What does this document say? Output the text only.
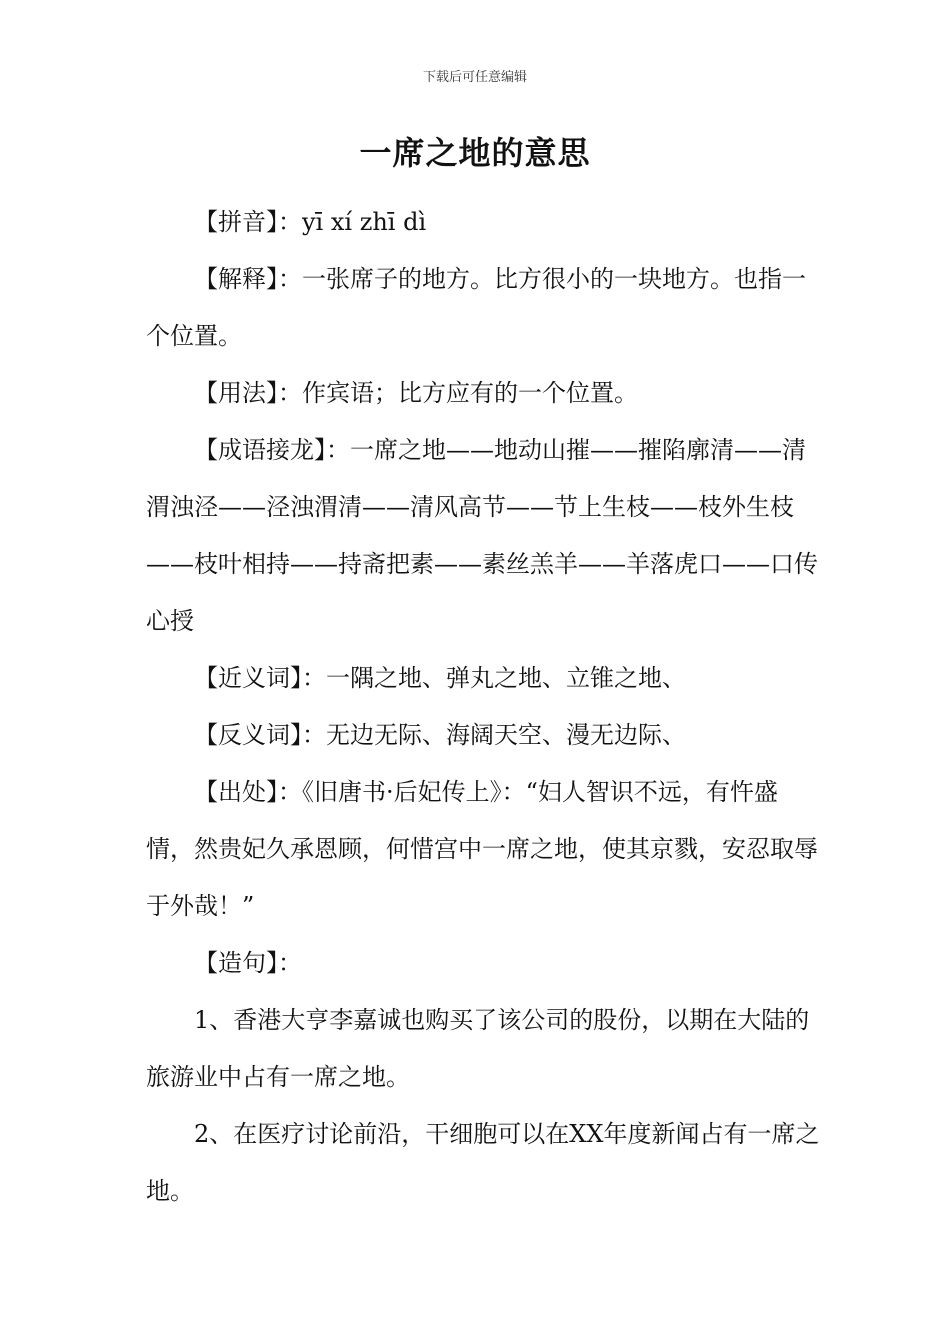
下载后可任意编辑
一席之地的意思

【拼音】：yī xí zhī dì

【解释】：一张席子的地方。比方很小的一块地方。也指一个位置。

【用法】：作宾语；比方应有的一个位置。

【成语接龙】：一席之地——地动山摧——摧陷廓清——清渭浊泾——泾浊渭清——清风高节——节上生枝——枝外生枝——枝叶相持——持斋把素——素丝羔羊——羊落虎口——口传心授

【近义词】：一隅之地、弹丸之地、立锥之地、

【反义词】：无边无际、海阔天空、漫无边际、

【出处】：《旧唐书·后妃传上》：“妇人智识不远，有忤盛情，然贵妃久承恩顾，何惜宫中一席之地，使其京戮，安忍取辱于外哉！”

【造句】：

1、香港大亨李嘉诚也购买了该公司的股份，以期在大陆的旅游业中占有一席之地。

2、在医疗讨论前沿，干细胞可以在XX年度新闻占有一席之地。
